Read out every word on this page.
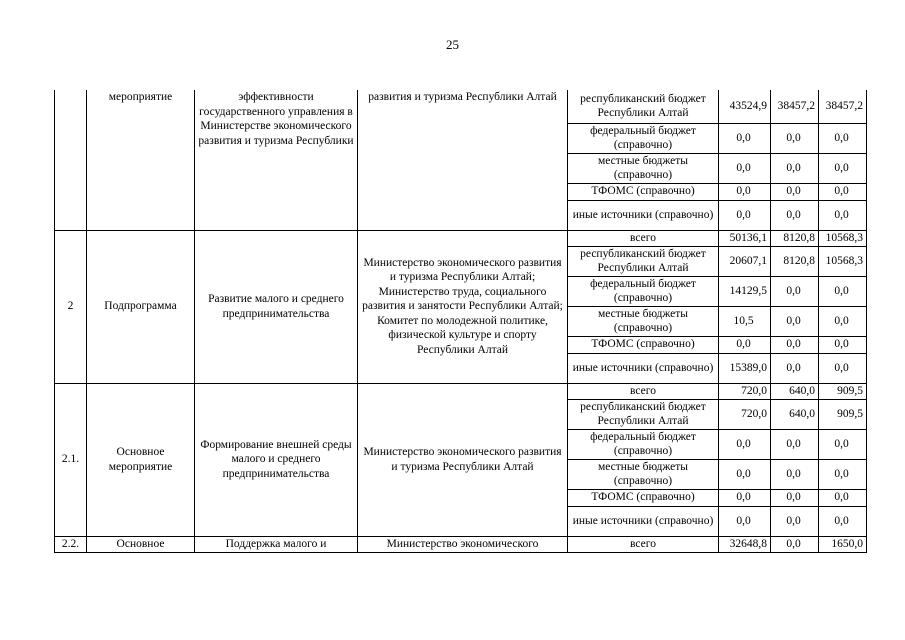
25
	мероприятие	эффективности государственного управления в Министерстве экономического развития и туризма Республики	развития и туризма Республики Алтай	республиканский бюджет Республики Алтай	43524,9	38457,2	38457,2
				федеральный бюджет (справочно)	0,0	0,0	0,0
				местные бюджеты (справочно)	0,0	0,0	0,0
				ТФОМС (справочно)	0,0	0,0	0,0
				иные источники (справочно)	0,0	0,0	0,0
2	Подпрограмма	Развитие малого и среднего предпринимательства	Министерство экономического развития и туризма Республики Алтай; Министерство труда, социального развития и занятости Республики Алтай; Комитет по молодежной политике, физической культуре и спорту Республики Алтай	всего	50136,1	8120,8	10568,3
				республиканский бюджет Республики Алтай	20607,1	8120,8	10568,3
				федеральный бюджет (справочно)	14129,5	0,0	0,0
				местные бюджеты (справочно)	10,5	0,0	0,0
				ТФОМС (справочно)	0,0	0,0	0,0
				иные источники (справочно)	15389,0	0,0	0,0
2.1.	Основное мероприятие	Формирование внешней среды малого и среднего предпринимательства	Министерство экономического развития и туризма Республики Алтай	всего	720,0	640,0	909,5
				республиканский бюджет Республики Алтай	720,0	640,0	909,5
				федеральный бюджет (справочно)	0,0	0,0	0,0
				местные бюджеты (справочно)	0,0	0,0	0,0
				ТФОМС (справочно)	0,0	0,0	0,0
				иные источники (справочно)	0,0	0,0	0,0
2.2.	Основное	Поддержка малого и	Министерство экономического	всего	32648,8	0,0	1650,0
